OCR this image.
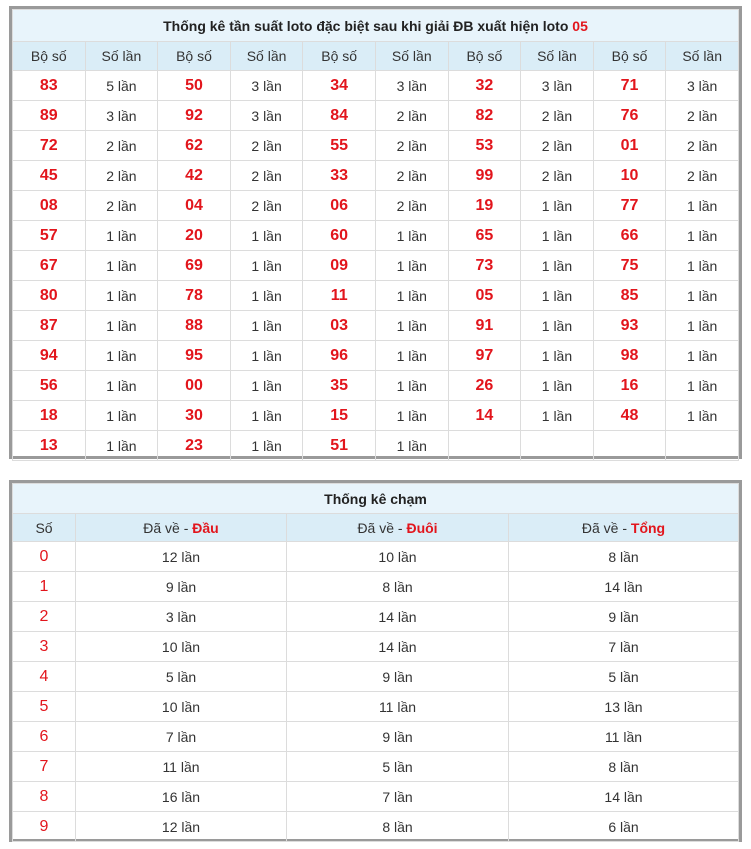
Thống kê tần suất loto đặc biệt sau khi giải ĐB xuất hiện loto 05									
Bộ số	Số lần	Bộ số	Số lần	Bộ số	Số lần	Bộ số	Số lần	Bộ số	Số lần
83	5 lần	50	3 lần	34	3 lần	32	3 lần	71	3 lần
89	3 lần	92	3 lần	84	2 lần	82	2 lần	76	2 lần
72	2 lần	62	2 lần	55	2 lần	53	2 lần	01	2 lần
45	2 lần	42	2 lần	33	2 lần	99	2 lần	10	2 lần
08	2 lần	04	2 lần	06	2 lần	19	1 lần	77	1 lần
57	1 lần	20	1 lần	60	1 lần	65	1 lần	66	1 lần
67	1 lần	69	1 lần	09	1 lần	73	1 lần	75	1 lần
80	1 lần	78	1 lần	11	1 lần	05	1 lần	85	1 lần
87	1 lần	88	1 lần	03	1 lần	91	1 lần	93	1 lần
94	1 lần	95	1 lần	96	1 lần	97	1 lần	98	1 lần
56	1 lần	00	1 lần	35	1 lần	26	1 lần	16	1 lần
18	1 lần	30	1 lần	15	1 lần	14	1 lần	48	1 lần
13	1 lần	23	1 lần	51	1 lần				
Thống kê chạm			
Số	Đã về - Đầu	Đã về - Đuôi	Đã về - Tổng
0	12 lần	10 lần	8 lần
1	9 lần	8 lần	14 lần
2	3 lần	14 lần	9 lần
3	10 lần	14 lần	7 lần
4	5 lần	9 lần	5 lần
5	10 lần	11 lần	13 lần
6	7 lần	9 lần	11 lần
7	11 lần	5 lần	8 lần
8	16 lần	7 lần	14 lần
9	12 lần	8 lần	6 lần
